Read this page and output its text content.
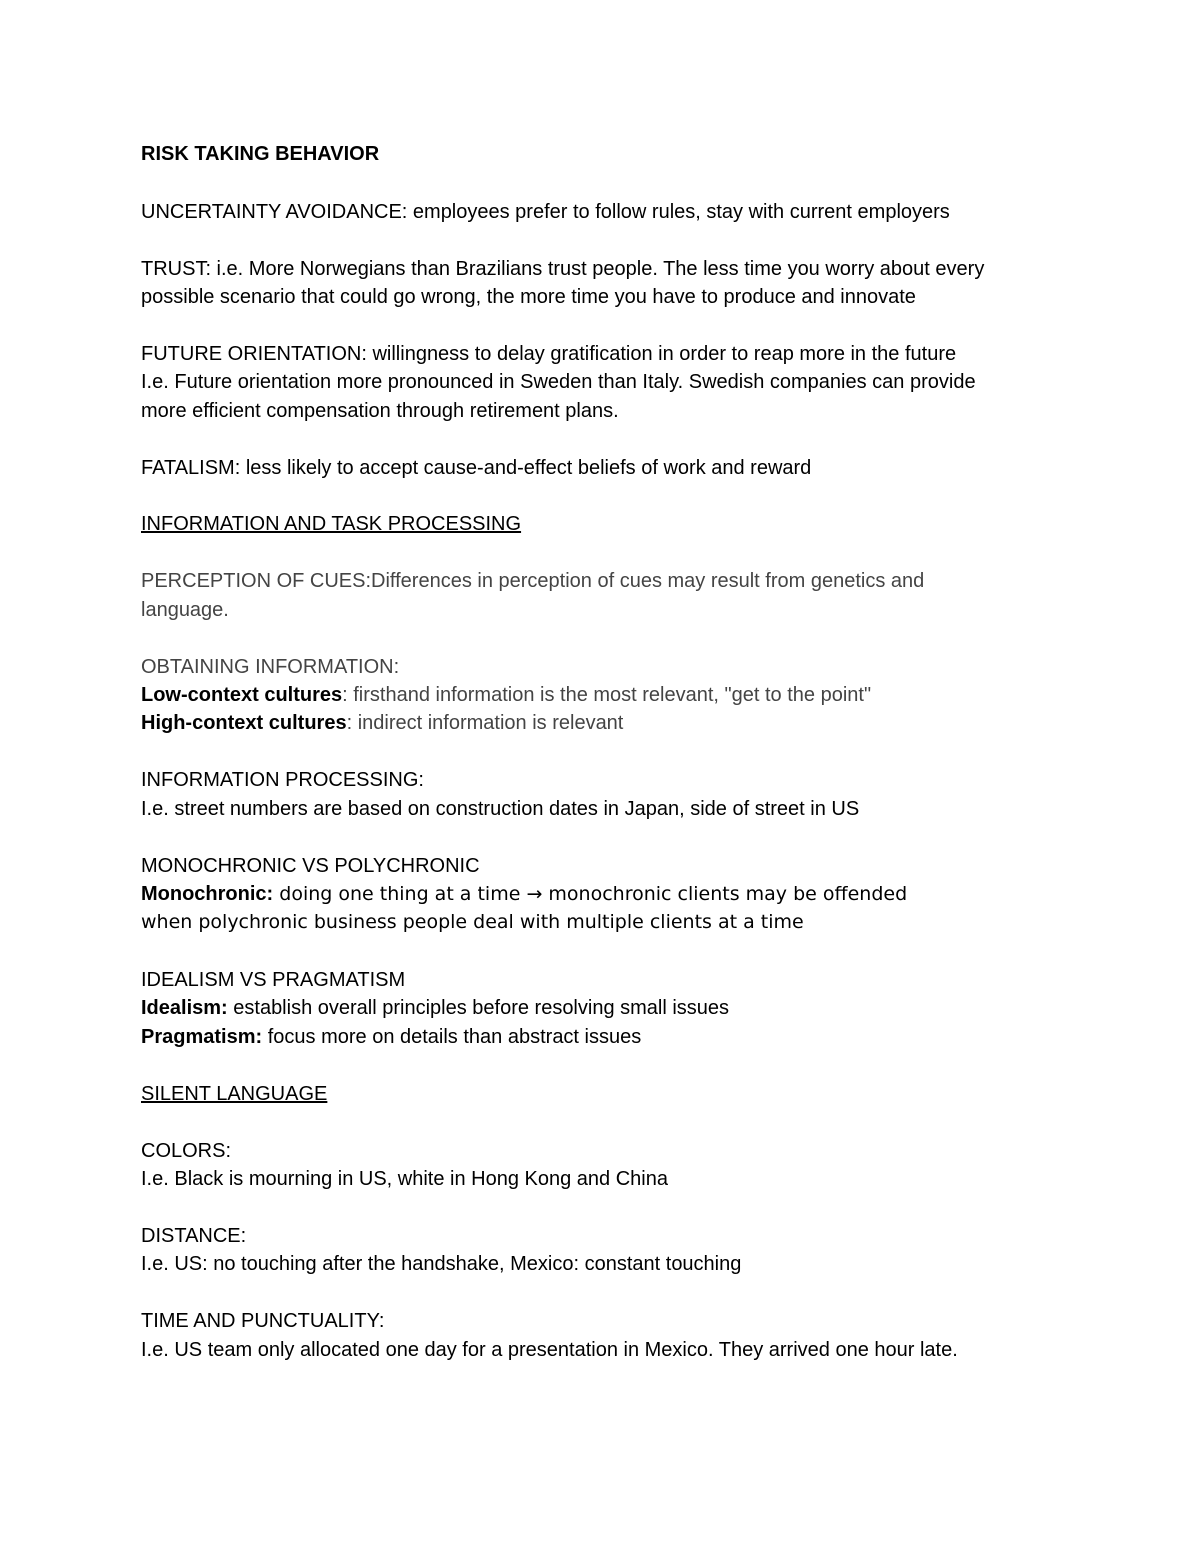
RISK TAKING BEHAVIOR
UNCERTAINTY AVOIDANCE: employees prefer to follow rules, stay with current employers
TRUST: i.e. More Norwegians than Brazilians trust people. The less time you worry about every
possible scenario that could go wrong, the more time you have to produce and innovate
FUTURE ORIENTATION: willingness to delay gratification in order to reap more in the future
I.e. Future orientation more pronounced in Sweden than Italy. Swedish companies can provide
more efficient compensation through retirement plans.
FATALISM: less likely to accept cause-and-effect beliefs of work and reward
INFORMATION AND TASK PROCESSING
PERCEPTION OF CUES:Differences in perception of cues may result from genetics and
language.
OBTAINING INFORMATION:
Low-context cultures: firsthand information is the most relevant, "get to the point"
High-context cultures: indirect information is relevant
INFORMATION PROCESSING:
I.e. street numbers are based on construction dates in Japan, side of street in US
MONOCHRONIC VS POLYCHRONIC
Monochronic: doing one thing at a time → monochronic clients may be offended
when polychronic business people deal with multiple clients at a time
IDEALISM VS PRAGMATISM
Idealism: establish overall principles before resolving small issues
Pragmatism: focus more on details than abstract issues
SILENT LANGUAGE
COLORS:
I.e. Black is mourning in US, white in Hong Kong and China
DISTANCE:
I.e. US: no touching after the handshake, Mexico: constant touching
TIME AND PUNCTUALITY:
I.e. US team only allocated one day for a presentation in Mexico. They arrived one hour late.
